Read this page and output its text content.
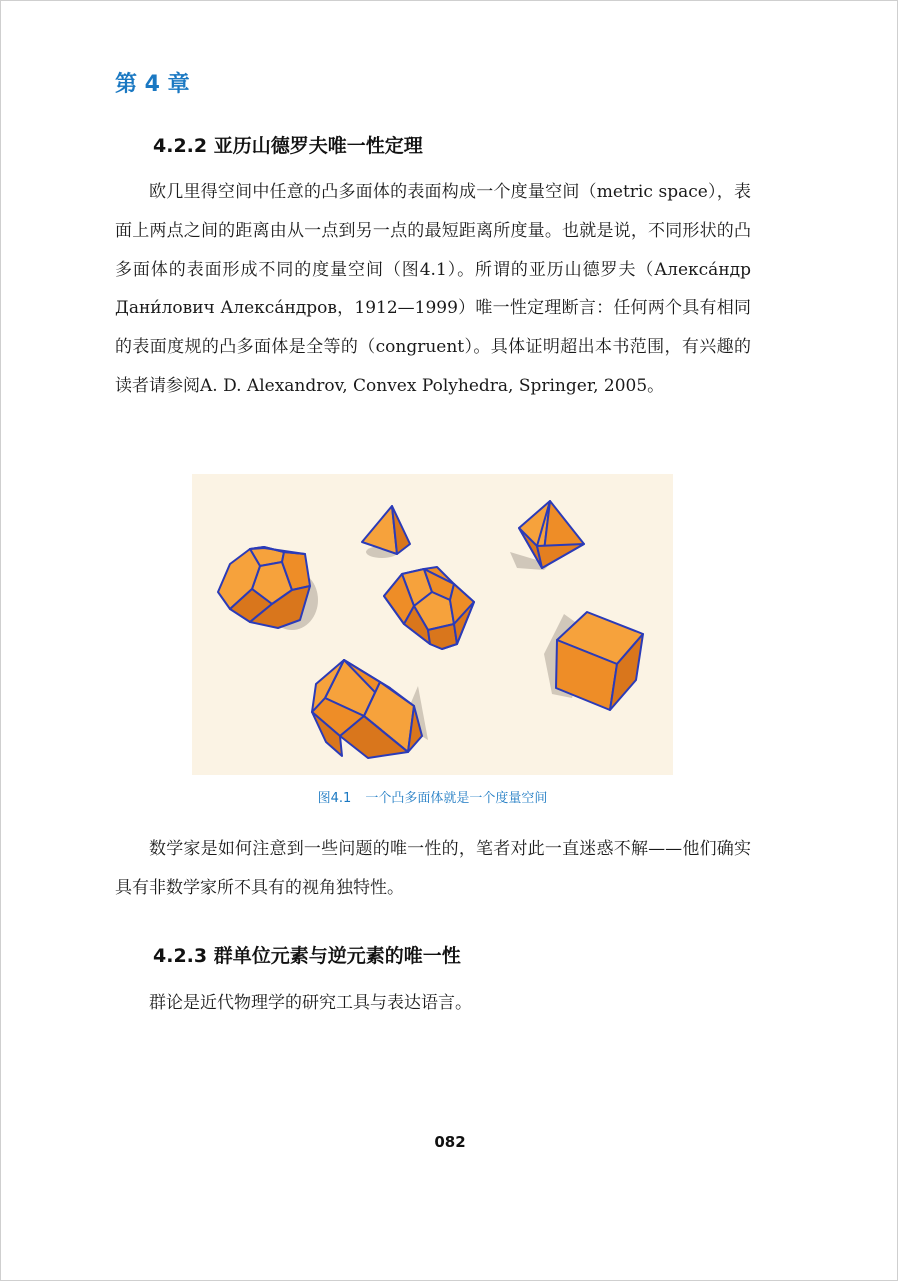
第 4 章
4.2.2 亚历山德罗夫唯一性定理

欧几里得空间中任意的凸多面体的表面构成一个度量空间（metric space），表面上两点之间的距离由从一点到另一点的最短距离所度量。也就是说，不同形状的凸多面体的表面形成不同的度量空间（图4.1）。所谓的亚历山德罗夫（Алекса́ндр Дани́лович Алекса́ндров，1912—1999）唯一性定理断言：任何两个具有相同的表面度规的凸多面体是全等的（congruent）。具体证明超出本书范围，有兴趣的读者请参阅A. D. Alexandrov, Convex Polyhedra, Springer, 2005。

图4.1 一个凸多面体就是一个度量空间

数学家是如何注意到一些问题的唯一性的，笔者对此一直迷惑不解——他们确实具有非数学家所不具有的视角独特性。

4.2.3 群单位元素与逆元素的唯一性

群论是近代物理学的研究工具与表达语言。

082
